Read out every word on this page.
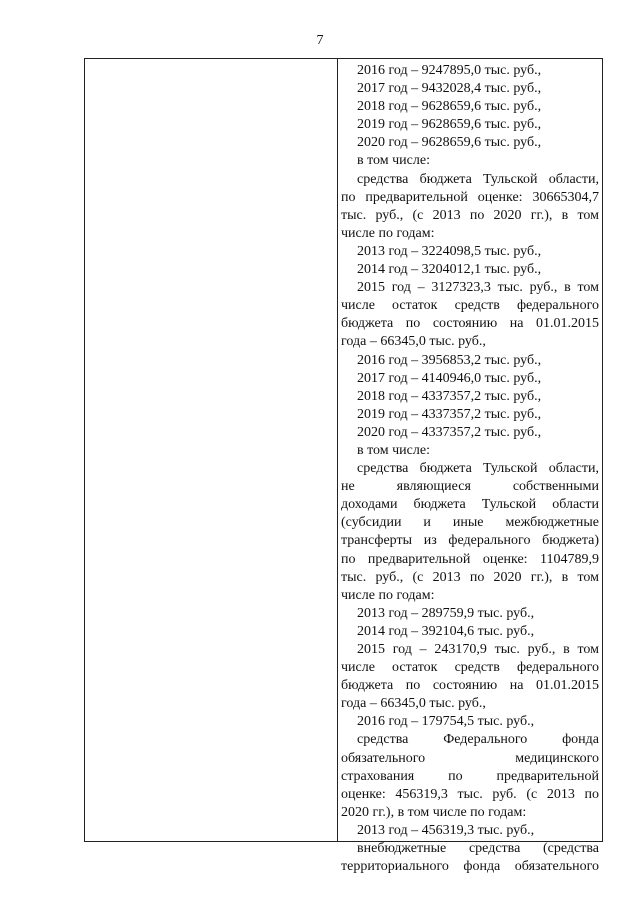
7
2016 год – 9247895,0 тыс. руб.,
2017 год – 9432028,4 тыс. руб.,
2018 год – 9628659,6 тыс. руб.,
2019 год – 9628659,6 тыс. руб.,
2020 год – 9628659,6 тыс. руб.,
в том числе:
средства бюджета Тульской области,
по предварительной оценке: 30665304,7
тыс. руб., (с 2013 по 2020 гг.), в том
числе по годам:
2013 год – 3224098,5 тыс. руб.,
2014 год – 3204012,1 тыс. руб.,
2015 год – 3127323,3 тыс. руб., в том
числе остаток средств федерального
бюджета по состоянию на 01.01.2015
года – 66345,0 тыс. руб.,
2016 год – 3956853,2 тыс. руб.,
2017 год – 4140946,0 тыс. руб.,
2018 год – 4337357,2 тыс. руб.,
2019 год – 4337357,2 тыс. руб.,
2020 год – 4337357,2 тыс. руб.,
в том числе:
средства бюджета Тульской области,
не являющиеся собственными
доходами бюджета Тульской области
(субсидии и иные межбюджетные
трансферты из федерального бюджета)
по предварительной оценке: 1104789,9
тыс. руб., (с 2013 по 2020 гг.), в том
числе по годам:
2013 год – 289759,9 тыс. руб.,
2014 год – 392104,6 тыс. руб.,
2015 год – 243170,9 тыс. руб., в том
числе остаток средств федерального
бюджета по состоянию на 01.01.2015
года – 66345,0 тыс. руб.,
2016 год – 179754,5 тыс. руб.,
средства Федерального фонда
обязательного медицинского
страхования по предварительной
оценке: 456319,3 тыс. руб. (с 2013 по
2020 гг.), в том числе по годам:
2013 год – 456319,3 тыс. руб.,
внебюджетные средства (средства
территориального фонда обязательного
